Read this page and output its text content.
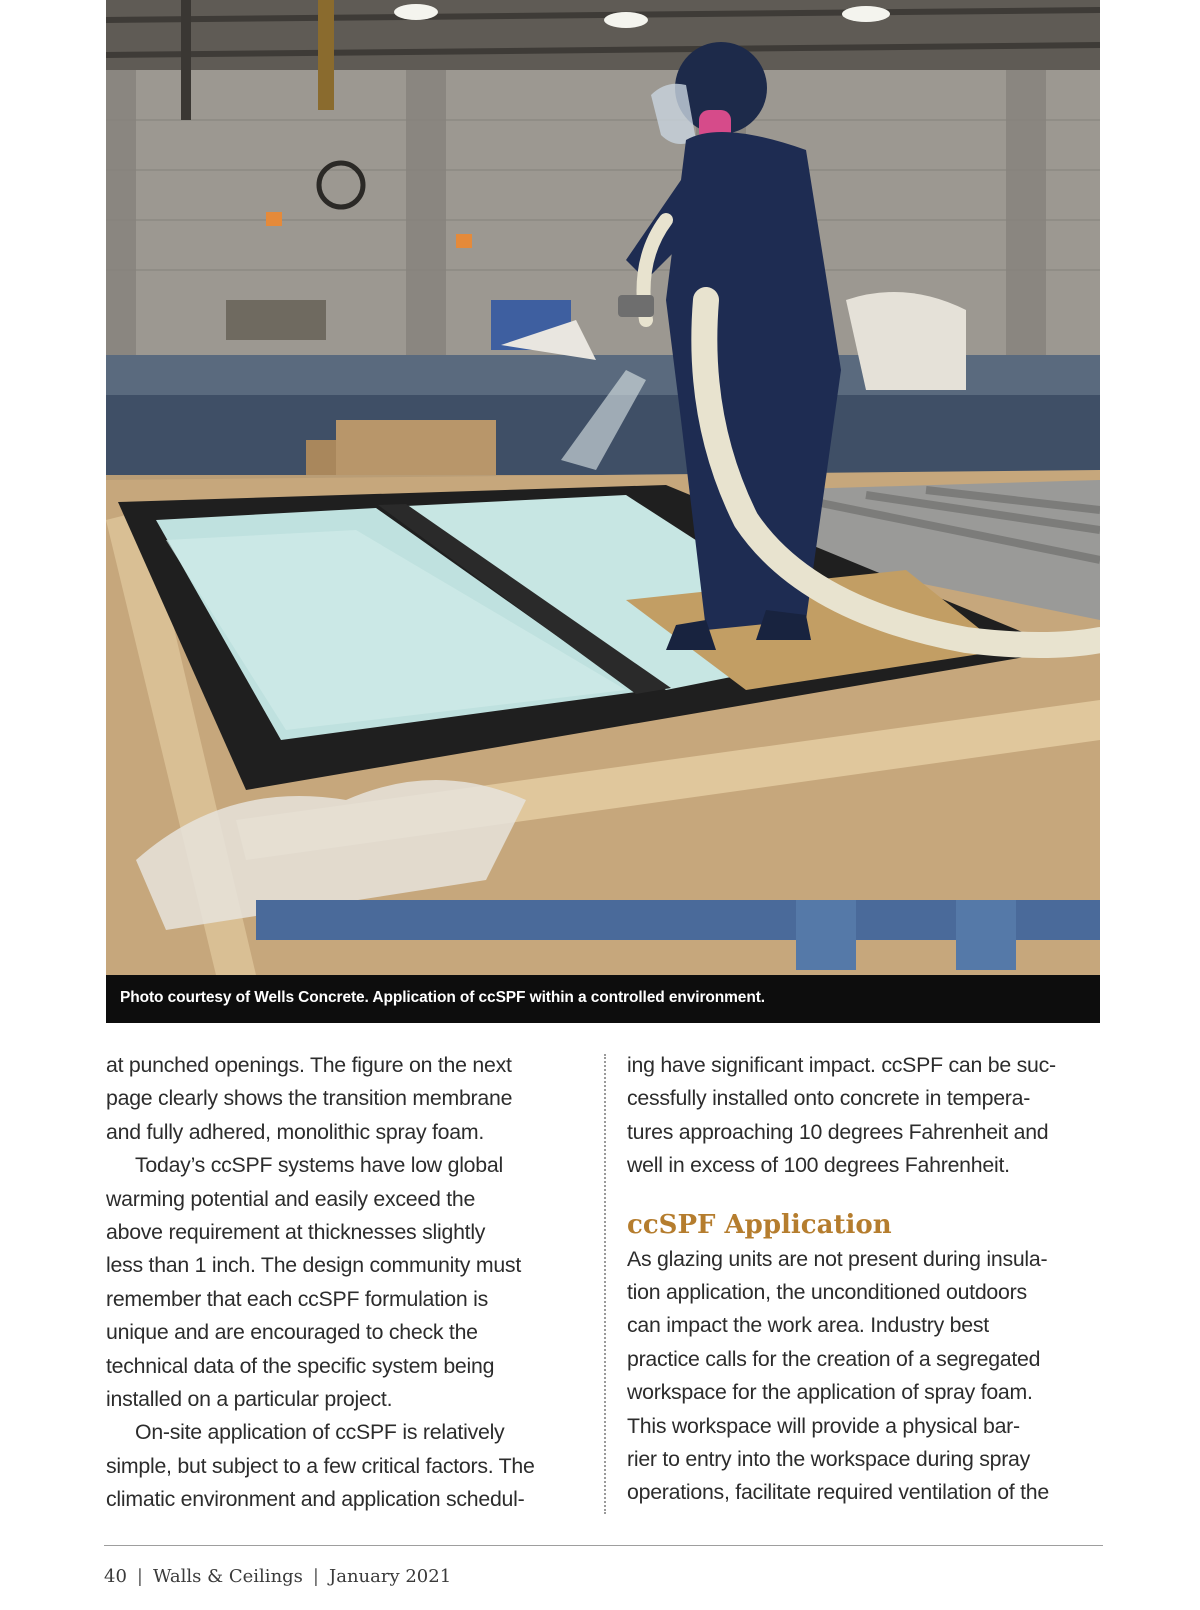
Photo courtesy of Wells Concrete. Application of ccSPF within a controlled environment.

at punched openings. The figure on the next
page clearly shows the transition membrane
and fully adhered, monolithic spray foam.

Today’s ccSPF systems have low global
warming potential and easily exceed the
above requirement at thicknesses slightly
less than 1 inch. The design community must
remember that each ccSPF formulation is
unique and are encouraged to check the
technical data of the specific system being
installed on a particular project.

On-site application of ccSPF is relatively
simple, but subject to a few critical factors. The
climatic environment and application schedul-

ing have significant impact. ccSPF can be suc-
cessfully installed onto concrete in tempera-
tures approaching 10 degrees Fahrenheit and
well in excess of 100 degrees Fahrenheit.

ccSPF Application

As glazing units are not present during insula-
tion application, the unconditioned outdoors
can impact the work area. Industry best
practice calls for the creation of a segregated
workspace for the application of spray foam.
This workspace will provide a physical bar-
rier to entry into the workspace during spray
operations, facilitate required ventilation of the

40 | Walls & Ceilings | January 2021
